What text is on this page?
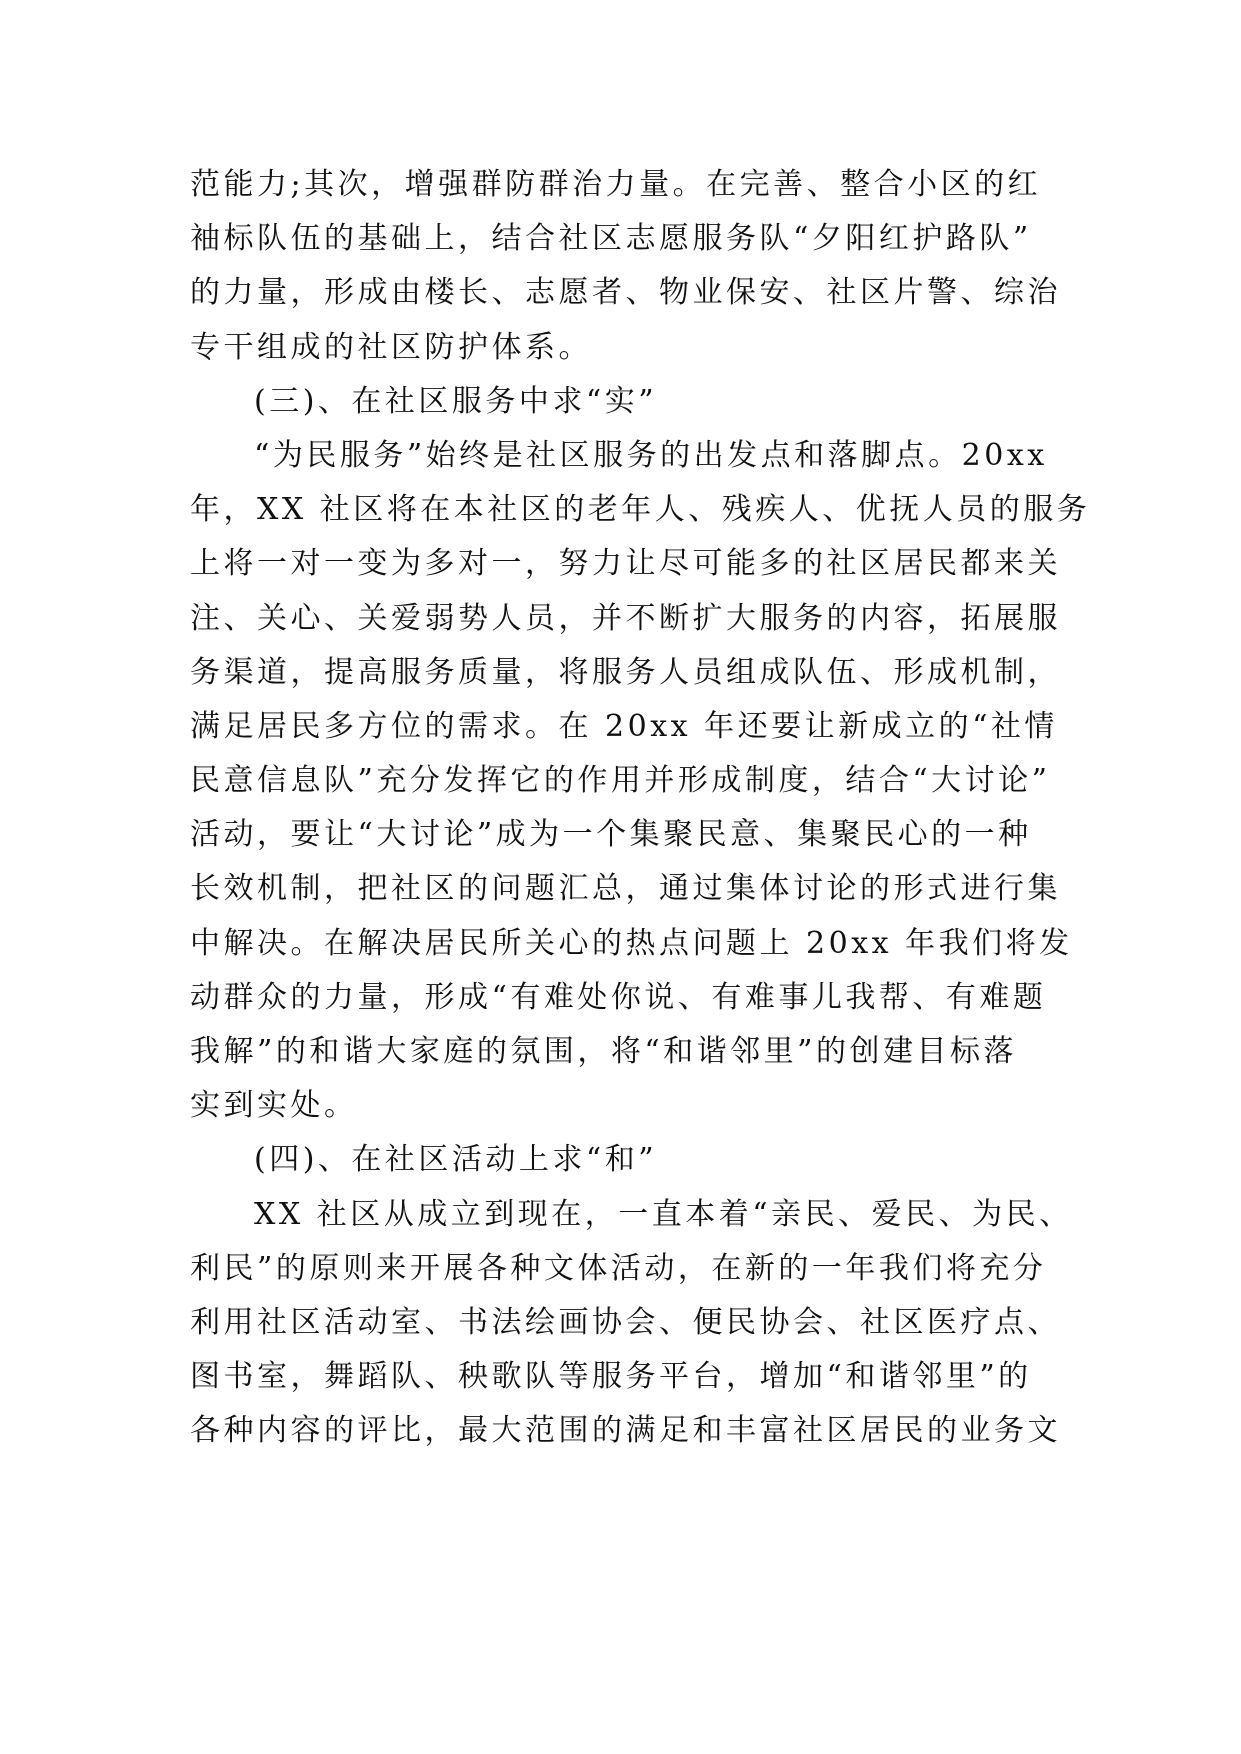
范能力;其次，增强群防群治力量。在完善、整合小区的红
袖标队伍的基础上，结合社区志愿服务队“夕阳红护路队”
的力量，形成由楼长、志愿者、物业保安、社区片警、综治
专干组成的社区防护体系。
(三)、在社区服务中求“实”
“为民服务”始终是社区服务的出发点和落脚点。20xx
年，XX 社区将在本社区的老年人、残疾人、优抚人员的服务
上将一对一变为多对一，努力让尽可能多的社区居民都来关
注、关心、关爱弱势人员，并不断扩大服务的内容，拓展服
务渠道，提高服务质量，将服务人员组成队伍、形成机制，
满足居民多方位的需求。在 20xx 年还要让新成立的“社情
民意信息队”充分发挥它的作用并形成制度，结合“大讨论”
活动，要让“大讨论”成为一个集聚民意、集聚民心的一种
长效机制，把社区的问题汇总，通过集体讨论的形式进行集
中解决。在解决居民所关心的热点问题上 20xx 年我们将发
动群众的力量，形成“有难处你说、有难事儿我帮、有难题
我解”的和谐大家庭的氛围，将“和谐邻里”的创建目标落
实到实处。
(四)、在社区活动上求“和”
XX 社区从成立到现在，一直本着“亲民、爱民、为民、
利民”的原则来开展各种文体活动，在新的一年我们将充分
利用社区活动室、书法绘画协会、便民协会、社区医疗点、
图书室，舞蹈队、秧歌队等服务平台，增加“和谐邻里”的
各种内容的评比，最大范围的满足和丰富社区居民的业务文
